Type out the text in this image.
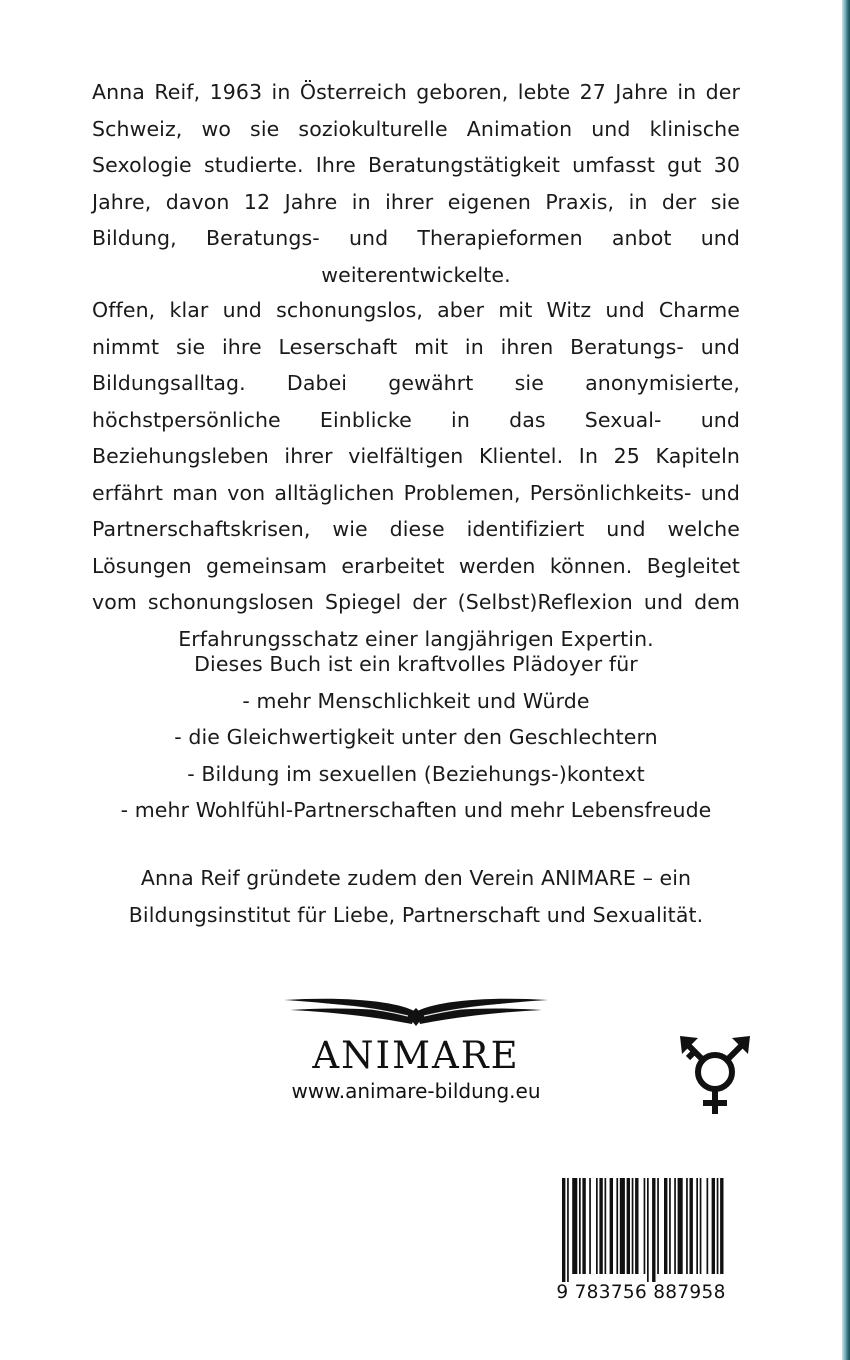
Anna Reif, 1963 in Österreich geboren, lebte 27 Jahre in der Schweiz, wo sie soziokulturelle Animation und klinische Sexologie studierte. Ihre Beratungstätigkeit umfasst gut 30 Jahre, davon 12 Jahre in ihrer eigenen Praxis, in der sie Bildung, Beratungs- und Therapieformen anbot und weiterentwickelte.

Offen, klar und schonungslos, aber mit Witz und Charme nimmt sie ihre Leserschaft mit in ihren Beratungs- und Bildungsalltag. Dabei gewährt sie anonymisierte, höchstpersönliche Einblicke in das Sexual- und Beziehungsleben ihrer vielfältigen Klientel. In 25 Kapiteln erfährt man von alltäglichen Problemen, Persönlichkeits- und Partnerschaftskrisen, wie diese identifiziert und welche Lösungen gemeinsam erarbeitet werden können. Begleitet vom schonungslosen Spiegel der (Selbst)Reflexion und dem Erfahrungsschatz einer langjährigen Expertin.

Dieses Buch ist ein kraftvolles Plädoyer für
- mehr Menschlichkeit und Würde
- die Gleichwertigkeit unter den Geschlechtern
- Bildung im sexuellen (Beziehungs-)kontext
- mehr Wohlfühl-Partnerschaften und mehr Lebensfreude

Anna Reif gründete zudem den Verein ANIMARE – ein Bildungsinstitut für Liebe, Partnerschaft und Sexualität.

ANIMARE
www.animare-bildung.eu
9 783756 887958
